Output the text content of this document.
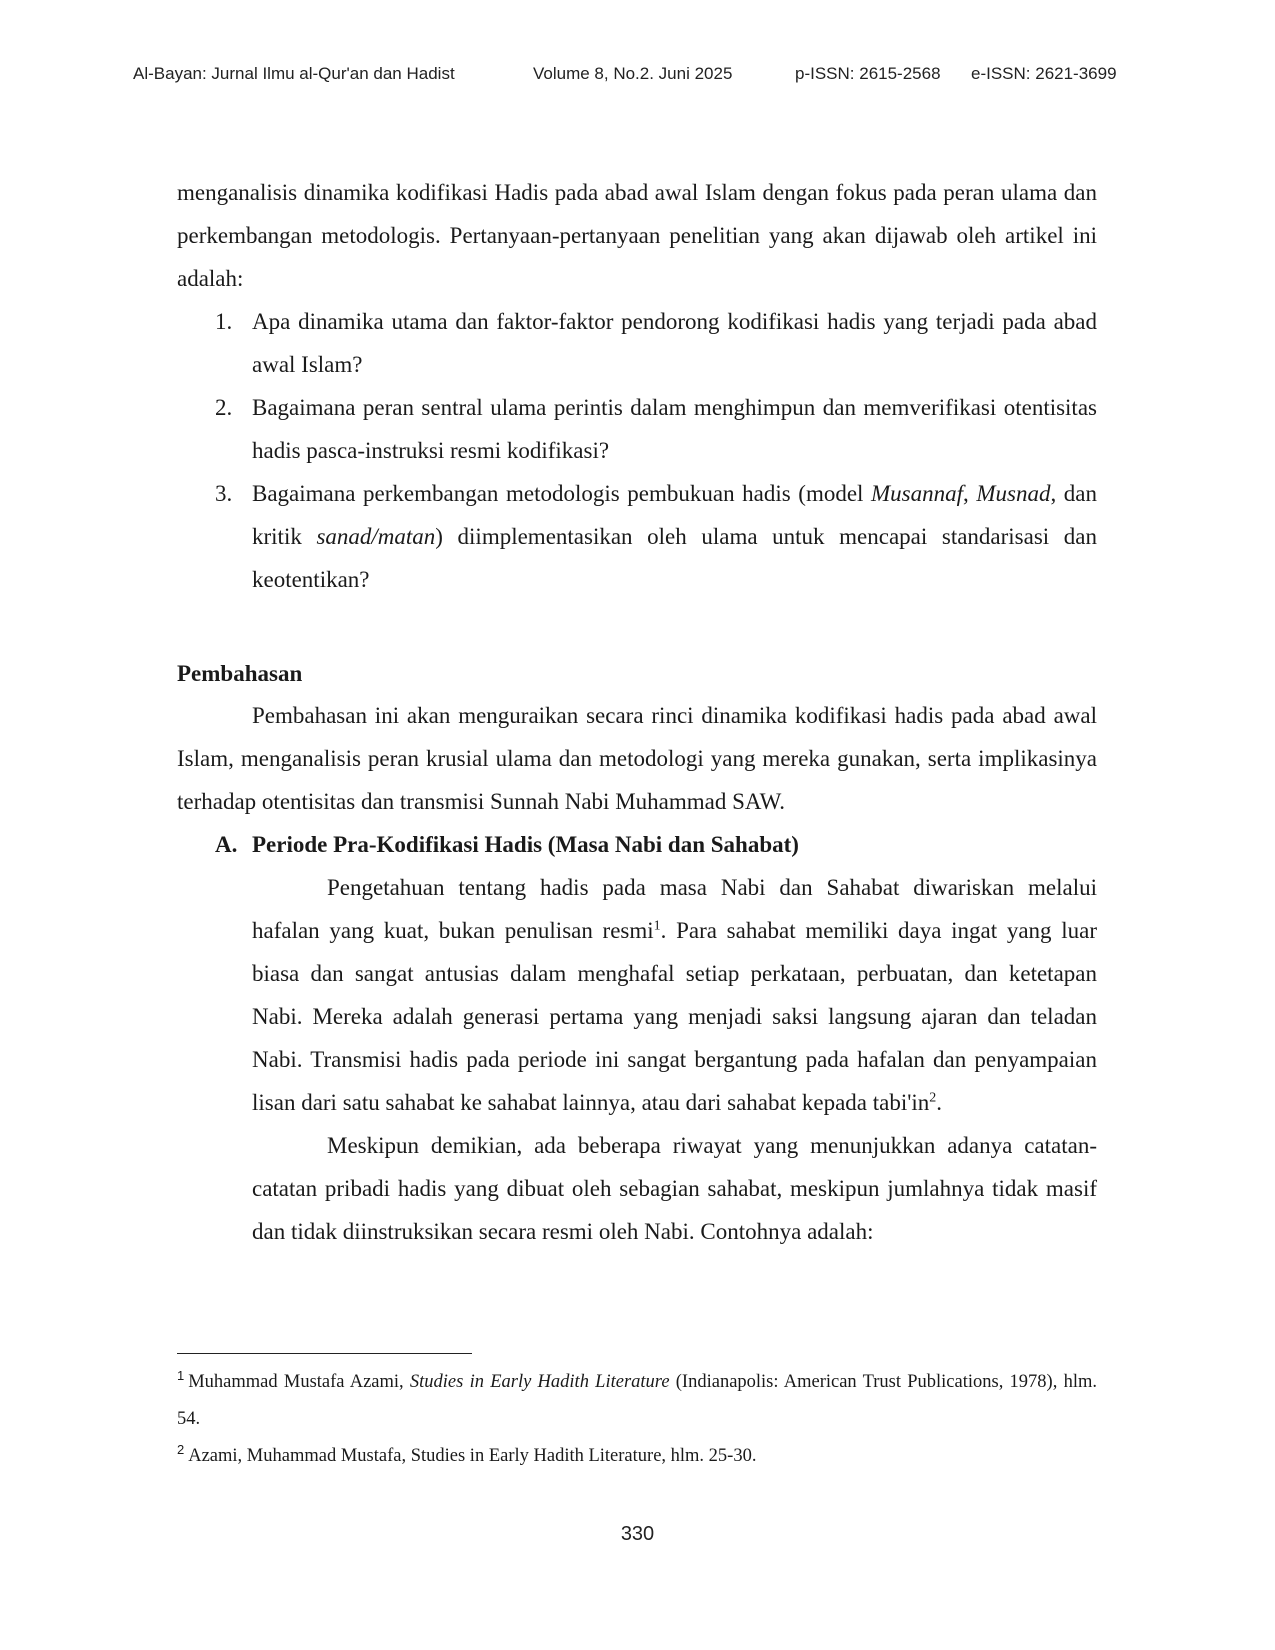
Al-Bayan: Jurnal Ilmu al-Qur'an dan Hadist	Volume 8, No.2. Juni 2025	p-ISSN: 2615-2568 e-ISSN: 2621-3699

menganalisis dinamika kodifikasi Hadis pada abad awal Islam dengan fokus pada peran ulama dan perkembangan metodologis. Pertanyaan-pertanyaan penelitian yang akan dijawab oleh artikel ini adalah:

1. Apa dinamika utama dan faktor-faktor pendorong kodifikasi hadis yang terjadi pada abad awal Islam?
2. Bagaimana peran sentral ulama perintis dalam menghimpun dan memverifikasi otentisitas hadis pasca-instruksi resmi kodifikasi?
3. Bagaimana perkembangan metodologis pembukuan hadis (model Musannaf, Musnad, dan kritik sanad/matan) diimplementasikan oleh ulama untuk mencapai standarisasi dan keotentikan?
Pembahasan

Pembahasan ini akan menguraikan secara rinci dinamika kodifikasi hadis pada abad awal Islam, menganalisis peran krusial ulama dan metodologi yang mereka gunakan, serta implikasinya terhadap otentisitas dan transmisi Sunnah Nabi Muhammad SAW.

A. Periode Pra-Kodifikasi Hadis (Masa Nabi dan Sahabat)

Pengetahuan tentang hadis pada masa Nabi dan Sahabat diwariskan melalui hafalan yang kuat, bukan penulisan resmi$^1$. Para sahabat memiliki daya ingat yang luar biasa dan sangat antusias dalam menghafal setiap perkataan, perbuatan, dan ketetapan Nabi. Mereka adalah generasi pertama yang menjadi saksi langsung ajaran dan teladan Nabi. Transmisi hadis pada periode ini sangat bergantung pada hafalan dan penyampaian lisan dari satu sahabat ke sahabat lainnya, atau dari sahabat kepada tabi'in$^2$.

Meskipun demikian, ada beberapa riwayat yang menunjukkan adanya catatan-catatan pribadi hadis yang dibuat oleh sebagian sahabat, meskipun jumlahnya tidak masif dan tidak diinstruksikan secara resmi oleh Nabi. Contohnya adalah:

$^1$ Muhammad Mustafa Azami, Studies in Early Hadith Literature (Indianapolis: American Trust Publications, 1978), hlm. 54.

$^2$ Azami, Muhammad Mustafa, Studies in Early Hadith Literature, hlm. 25-30.

330
